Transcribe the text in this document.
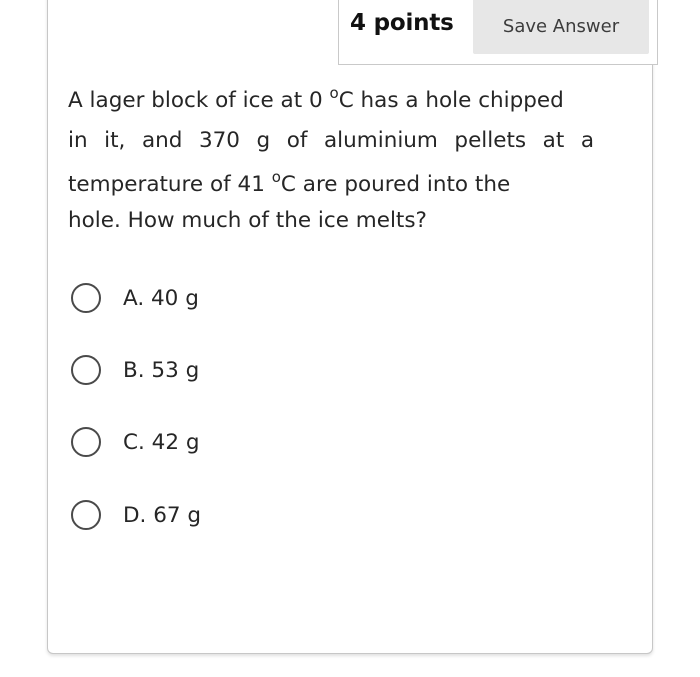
4 points	Save Answer
A lager block of ice at 0 $^o$C has a hole chipped
in it, and 370 g of aluminium pellets at a
temperature of 41 $^o$C are poured into the
hole. How much of the ice melts?
A. 40 g
B. 53 g
C. 42 g
D. 67 g
